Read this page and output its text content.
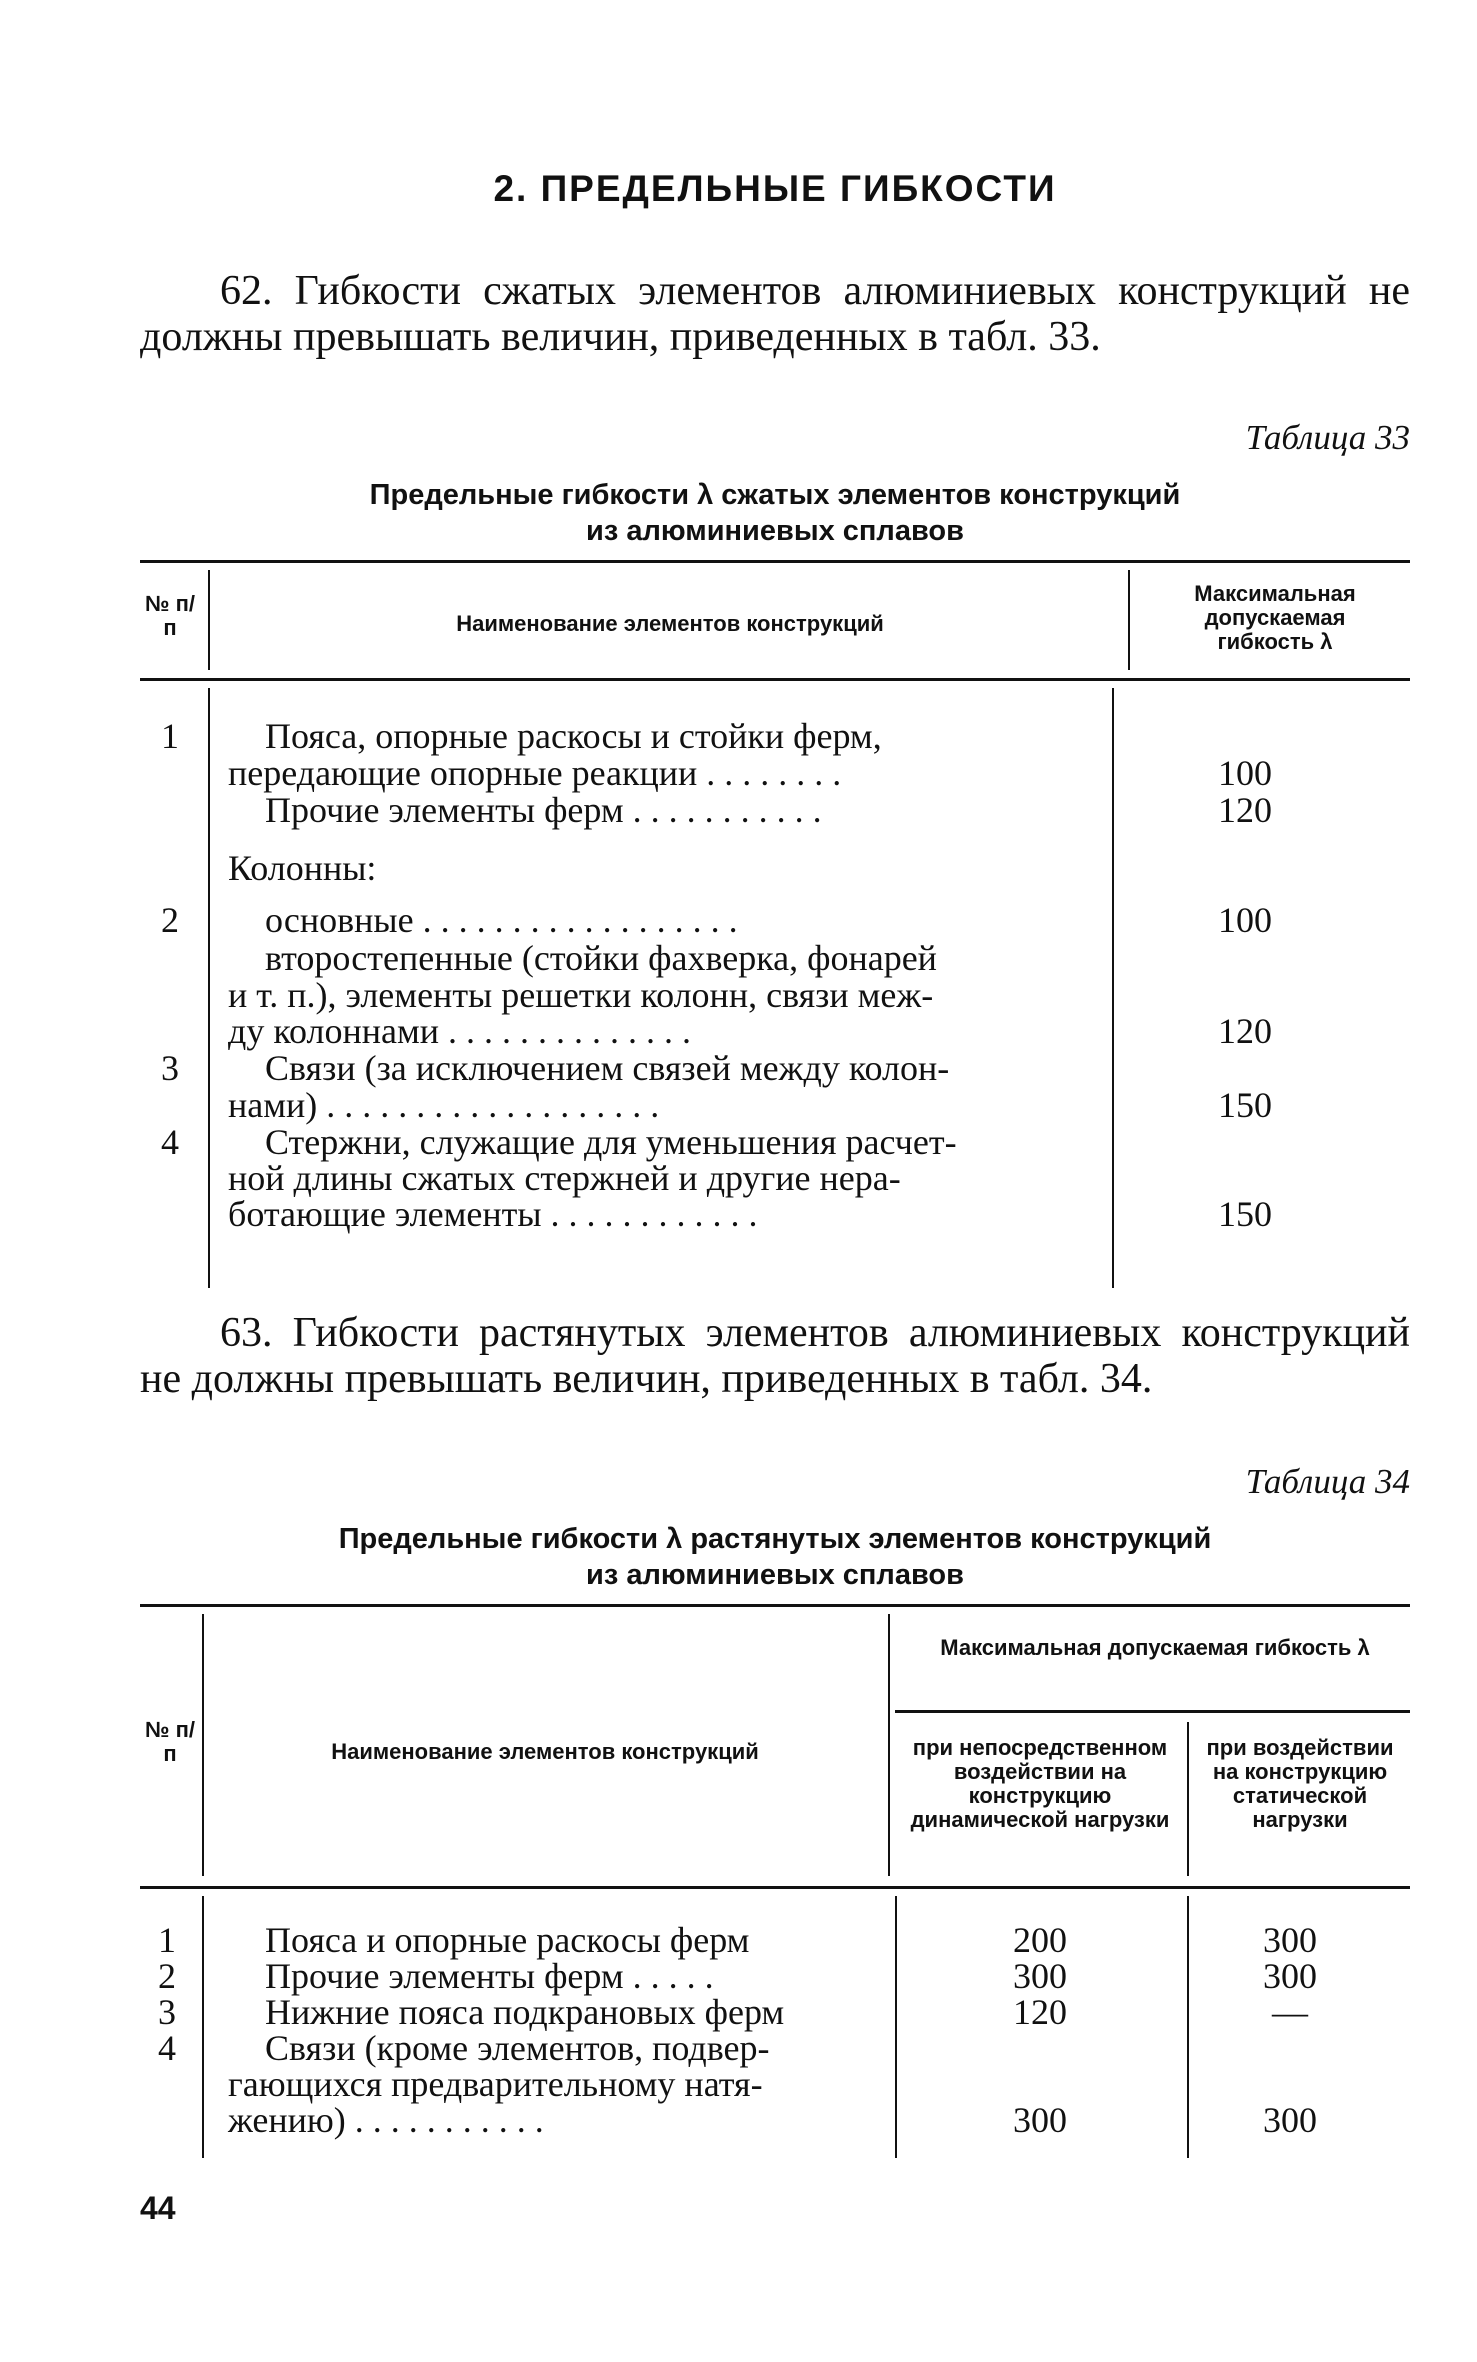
2. ПРЕДЕЛЬНЫЕ ГИБКОСТИ
62. Гибкости сжатых элементов алюминиевых конструкций не должны превышать величин, приведенных в табл. 33.
Таблица 33
Предельные гибкости λ сжатых элементов конструкций
из алюминиевых сплавов
№ п/п	Наименование элементов конструкций
Максимальная допускаемая гибкость λ
1	Пояса, опорные раскосы и стойки ферм,
передающие опорные реакции . . . . . . . .	100
Прочие элементы ферм . . . . . . . . . . .	120
Колонны:
2	основные . . . . . . . . . . . . . . . . . .	100
второстепенные (стойки фахверка, фонарей
и т. п.), элементы решетки колонн, связи меж-
ду колоннами . . . . . . . . . . . . . .	120
3	Связи (за исключением связей между колон-
нами) . . . . . . . . . . . . . . . . . . .	150
4	Стержни, служащие для уменьшения расчет-
ной длины сжатых стержней и другие нера-
ботающие элементы . . . . . . . . . . . .	150
63. Гибкости растянутых элементов алюминиевых конструкций не должны превышать величин, приведенных в табл. 34.
Таблица 34
Предельные гибкости λ растянутых элементов конструкций
из алюминиевых сплавов
№ п/п	Наименование элементов конструкций
Максимальная допускаемая гибкость λ
при непосредственном воздействии на конструкцию динамической нагрузки
при воздействии на конструкцию статической нагрузки
1	Пояса и опорные раскосы ферм	200	300
2	Прочие элементы ферм . . . . .	300	300
3	Нижние пояса подкрановых ферм	120	—
4	Связи (кроме элементов, подвер-
гающихся предварительному натя-
жению) . . . . . . . . . . .	300	300
44
